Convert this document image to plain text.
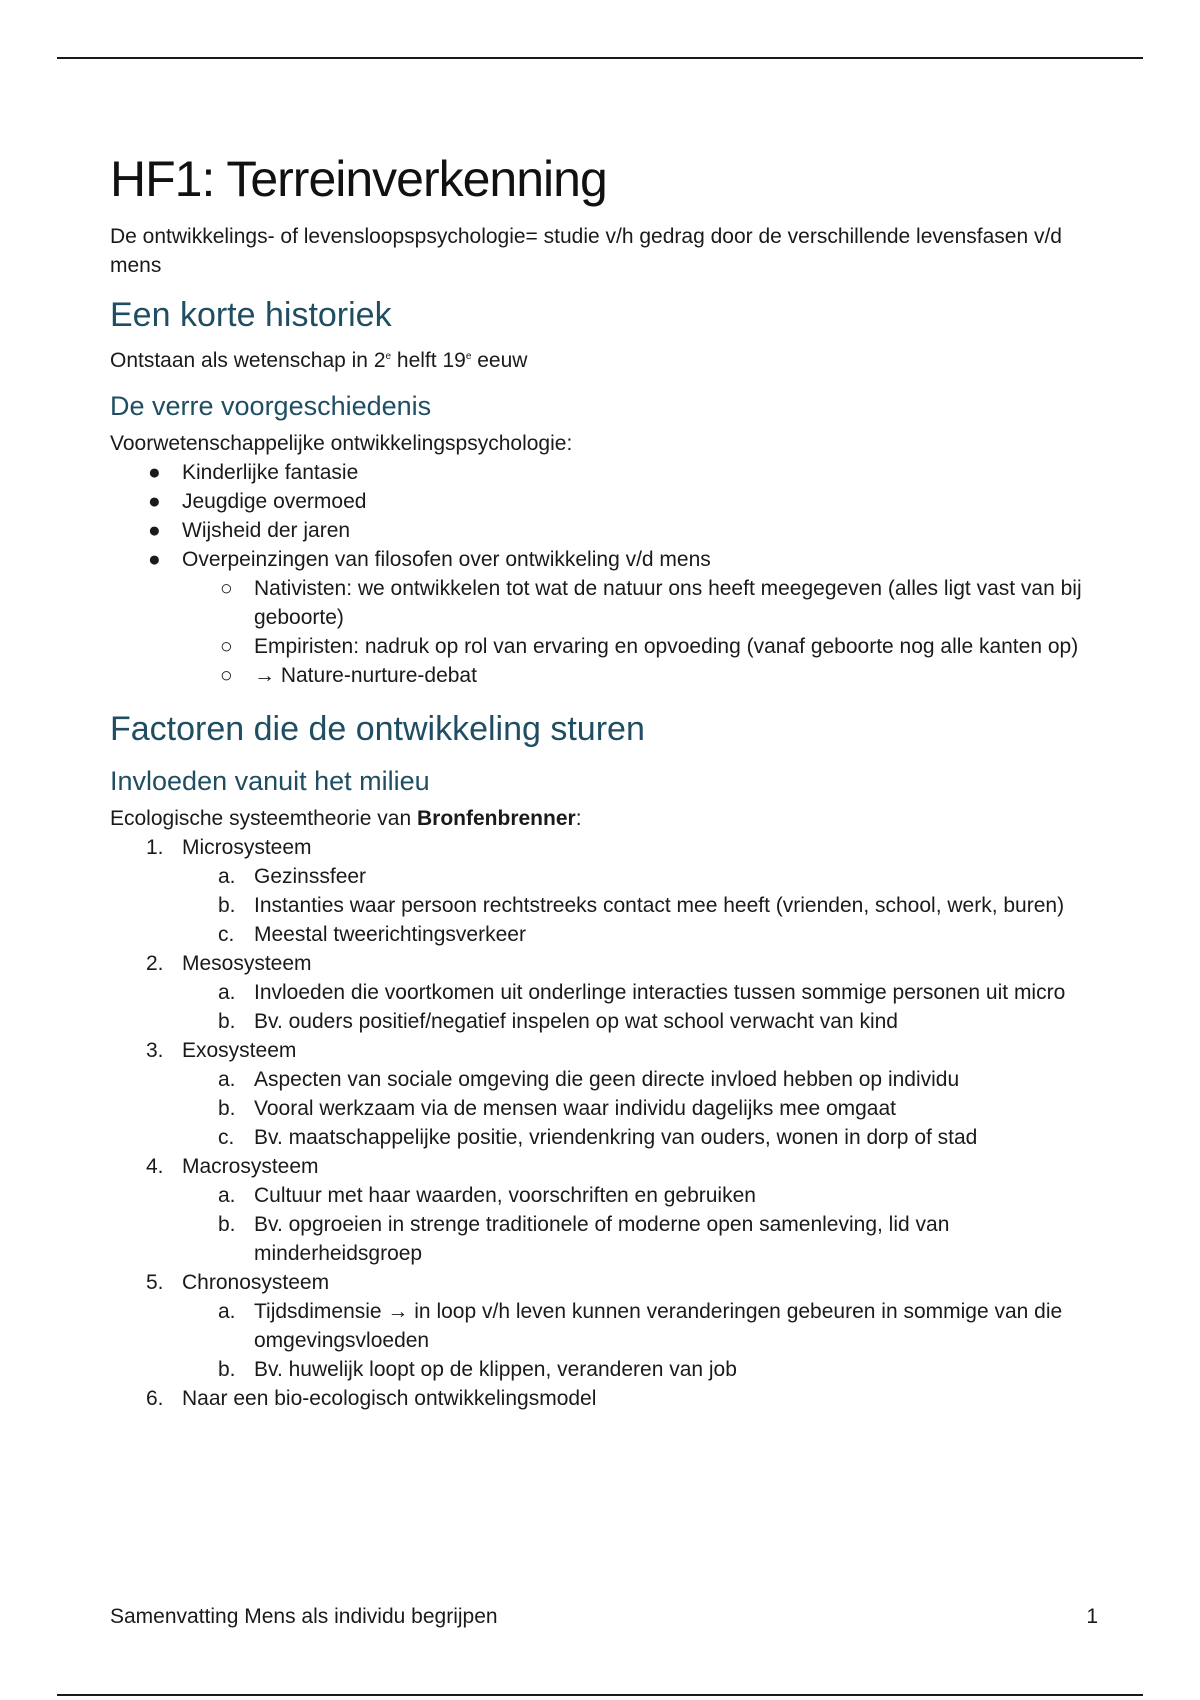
HF1: Terreinverkenning

De ontwikkelings- of levensloopspsychologie= studie v/h gedrag door de verschillende levensfasen v/d mens

Een korte historiek

Ontstaan als wetenschap in 2e helft 19e eeuw

De verre voorgeschiedenis

Voorwetenschappelijke ontwikkelingspsychologie:

● Kinderlijke fantasie
● Jeugdige overmoed
● Wijsheid der jaren
● Overpeinzingen van filosofen over ontwikkeling v/d mens
○ Nativisten: we ontwikkelen tot wat de natuur ons heeft meegegeven (alles ligt vast van bij geboorte)
○ Empiristen: nadruk op rol van ervaring en opvoeding (vanaf geboorte nog alle kanten op)
○ → Nature-nurture-debat
Factoren die de ontwikkeling sturen
Invloeden vanuit het milieu

Ecologische systeemtheorie van Bronfenbrenner:

1. Microsysteem
a. Gezinssfeer
b. Instanties waar persoon rechtstreeks contact mee heeft (vrienden, school, werk, buren)
c. Meestal tweerichtingsverkeer
2. Mesosysteem
a. Invloeden die voortkomen uit onderlinge interacties tussen sommige personen uit micro
b. Bv. ouders positief/negatief inspelen op wat school verwacht van kind
3. Exosysteem
a. Aspecten van sociale omgeving die geen directe invloed hebben op individu
b. Vooral werkzaam via de mensen waar individu dagelijks mee omgaat
c. Bv. maatschappelijke positie, vriendenkring van ouders, wonen in dorp of stad
4. Macrosysteem
a. Cultuur met haar waarden, voorschriften en gebruiken
b. Bv. opgroeien in strenge traditionele of moderne open samenleving, lid van minderheidsgroep
5. Chronosysteem
a. Tijdsdimensie → in loop v/h leven kunnen veranderingen gebeuren in sommige van die omgevingsvloeden
b. Bv. huwelijk loopt op de klippen, veranderen van job
6. Naar een bio-ecologisch ontwikkelingsmodel
Samenvatting Mens als individu begrijpen	1
